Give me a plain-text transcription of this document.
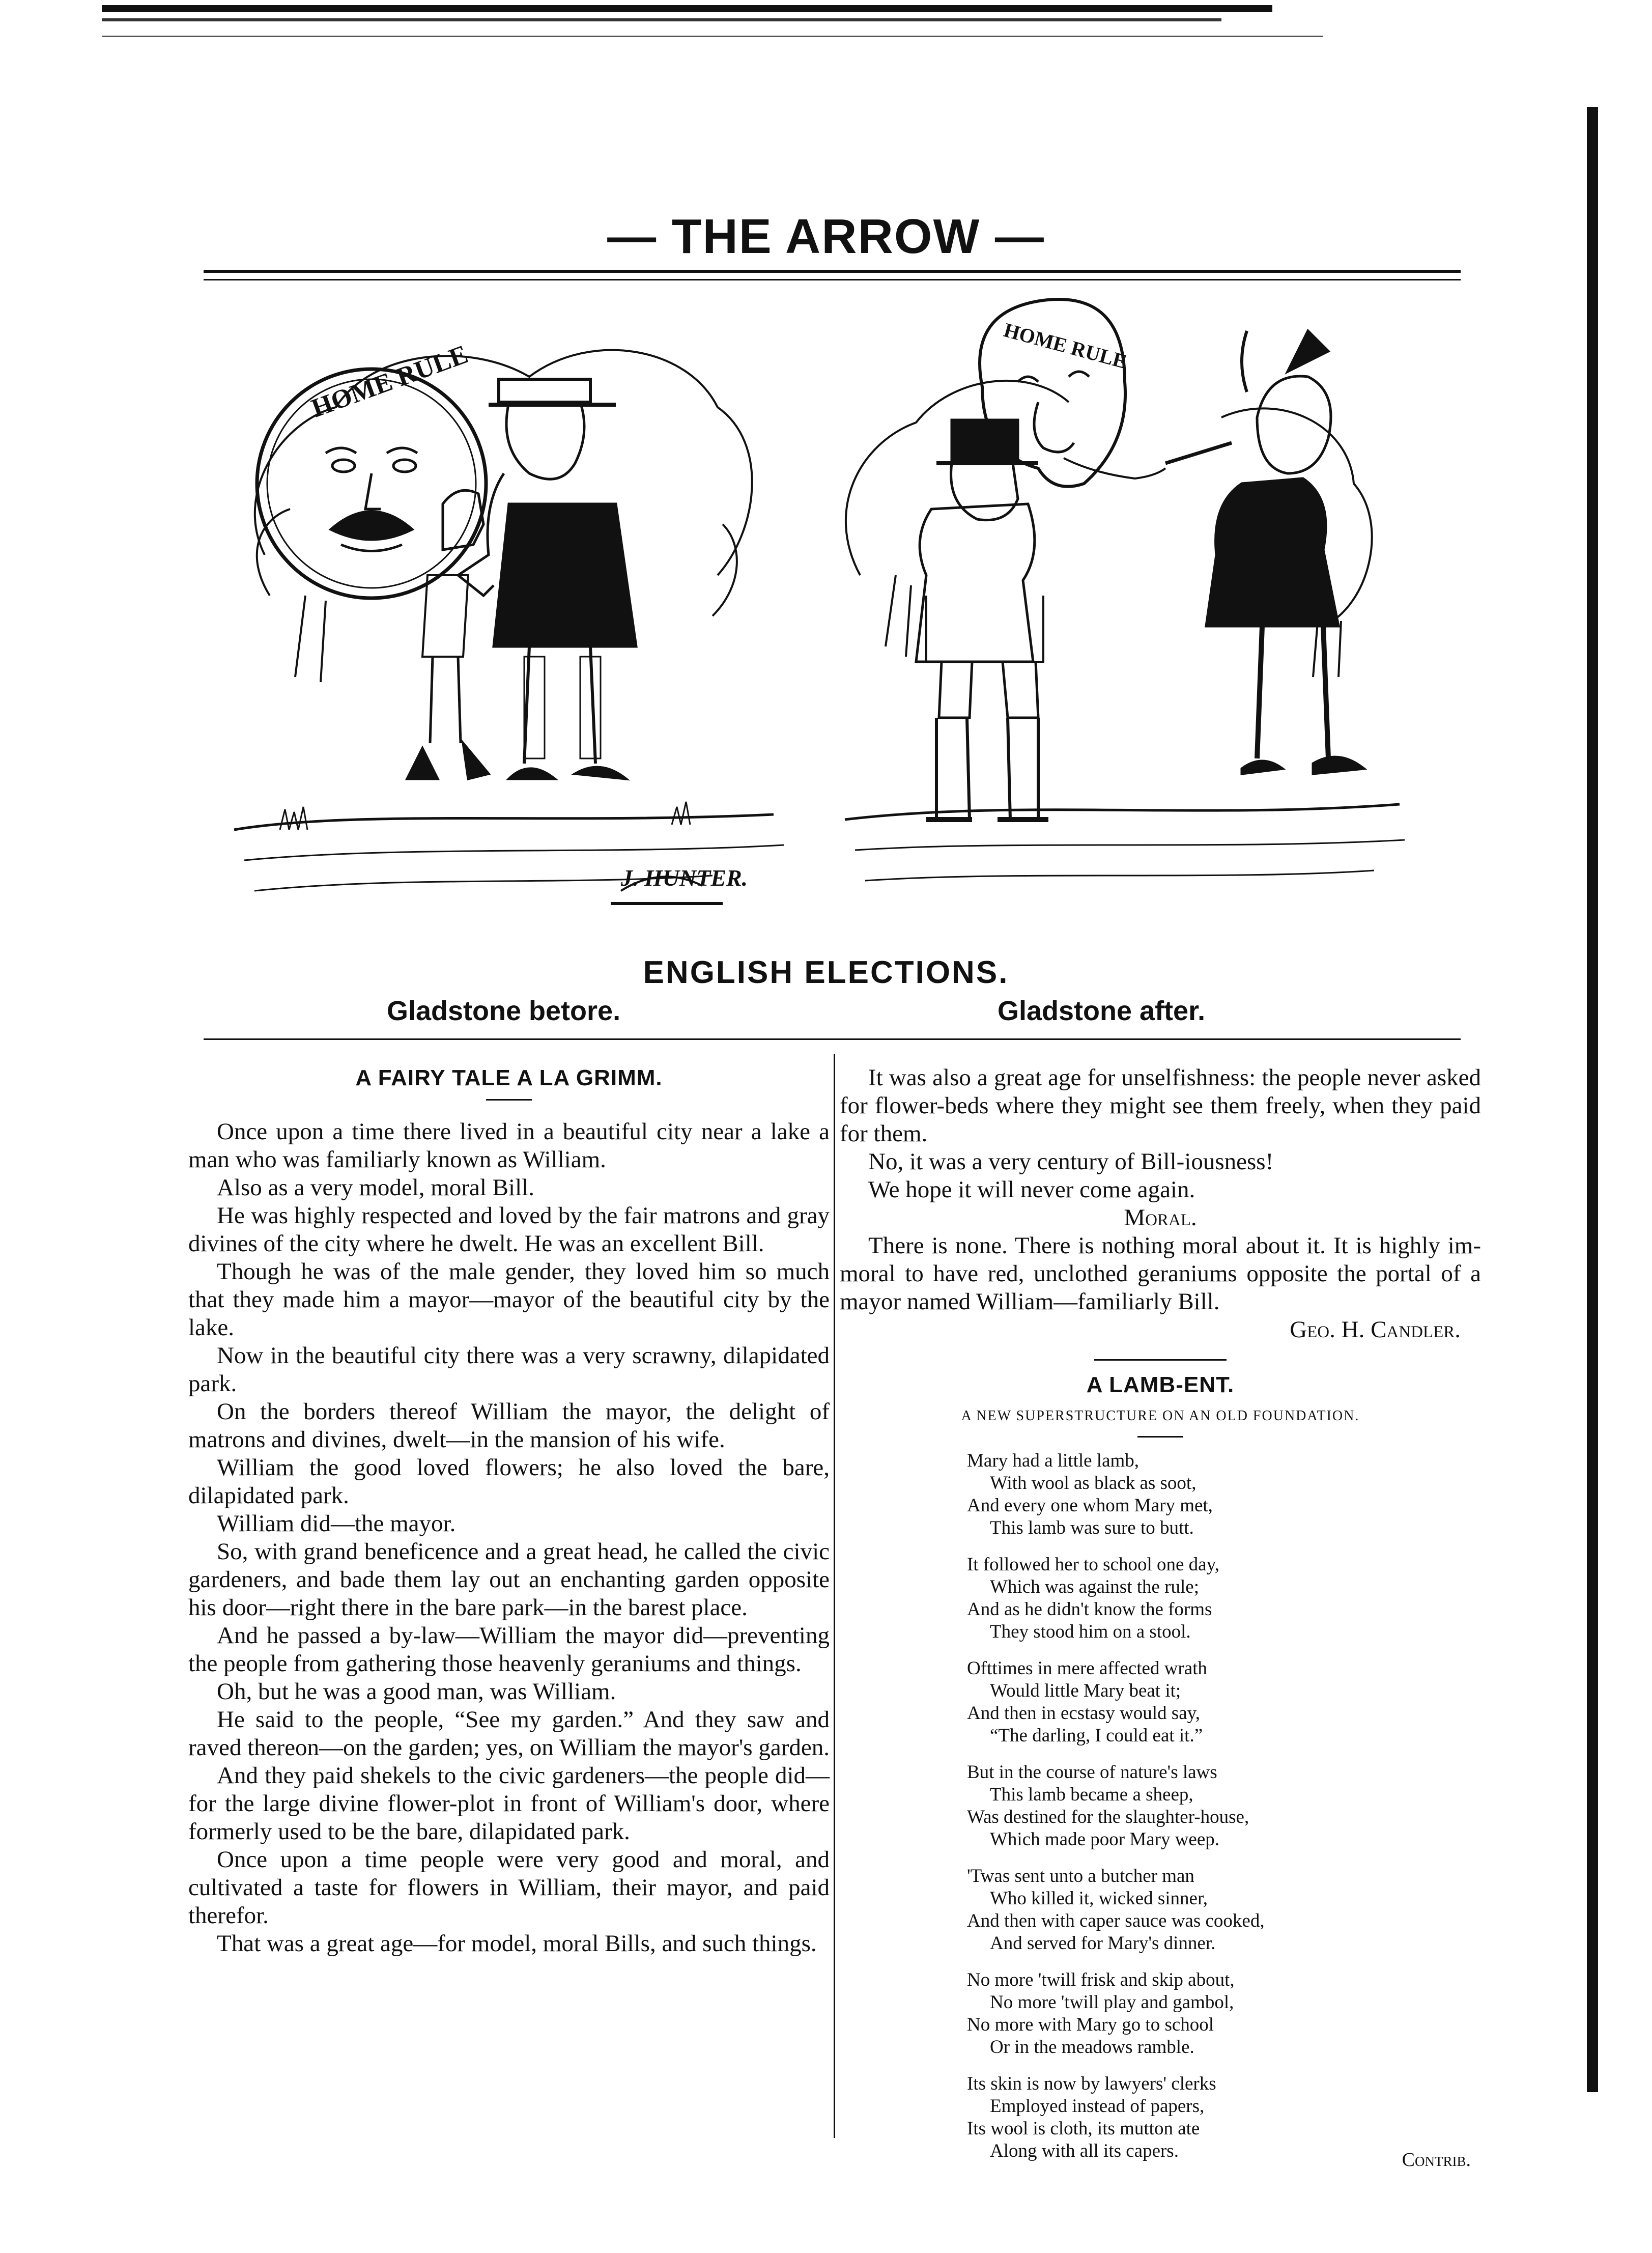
— THE ARROW —
HOME RULE	HOME RULE
J. HUNTER.
ENGLISH ELECTIONS.
Gladstone betore.	Gladstone after.
A FAIRY TALE A LA GRIMM.

Once upon a time there lived in a beautiful city near a lake a man who was familiarly known as William.

Also as a very model, moral Bill.

He was highly respected and loved by the fair matrons and gray divines of the city where he dwelt. He was an excellent Bill.

Though he was of the male gender, they loved him so much that they made him a mayor—mayor of the beautiful city by the lake.

Now in the beautiful city there was a very scrawny, dilapidated park.

On the borders thereof William the mayor, the delight of matrons and divines, dwelt—in the mansion of his wife.

William the good loved flowers; he also loved the bare, dilapidated park.

William did—the mayor.

So, with grand beneficence and a great head, he called the civic gardeners, and bade them lay out an enchanting garden opposite his door—right there in the bare park—in the barest place.

And he passed a by-law—William the mayor did—preventing the people from gathering those heavenly geraniums and things.

Oh, but he was a good man, was William.

He said to the people, “See my garden.” And they saw and raved thereon—on the garden; yes, on William the mayor's garden.

And they paid shekels to the civic gardeners—the people did—for the large divine flower-plot in front of William's door, where formerly used to be the bare, dilapidated park.

Once upon a time people were very good and moral, and cultivated a taste for flowers in William, their mayor, and paid therefor.

That was a great age—for model, moral Bills, and such things.

It was also a great age for unselfishness: the people never asked for flower-beds where they might see them freely, when they paid for them.

No, it was a very century of Bill-iousness!

We hope it will never come again.

Moral.

There is none. There is nothing moral about it. It is highly im-moral to have red, unclothed geraniums opposite the portal of a mayor named William—familiarly Bill.

Geo. H. Candler.
A LAMB-ENT.
A NEW SUPERSTRUCTURE ON AN OLD FOUNDATION.
Mary had a little lamb,
With wool as black as soot,
And every one whom Mary met,
This lamb was sure to butt.
It followed her to school one day,
Which was against the rule;
And as he didn't know the forms
They stood him on a stool.
Ofttimes in mere affected wrath
Would little Mary beat it;
And then in ecstasy would say,
“The darling, I could eat it.”
But in the course of nature's laws
This lamb became a sheep,
Was destined for the slaughter-house,
Which made poor Mary weep.
'Twas sent unto a butcher man
Who killed it, wicked sinner,
And then with caper sauce was cooked,
And served for Mary's dinner.
No more 'twill frisk and skip about,
No more 'twill play and gambol,
No more with Mary go to school
Or in the meadows ramble.
Its skin is now by lawyers' clerks
Employed instead of papers,
Its wool is cloth, its mutton ate
Along with all its capers.	Contrib.
